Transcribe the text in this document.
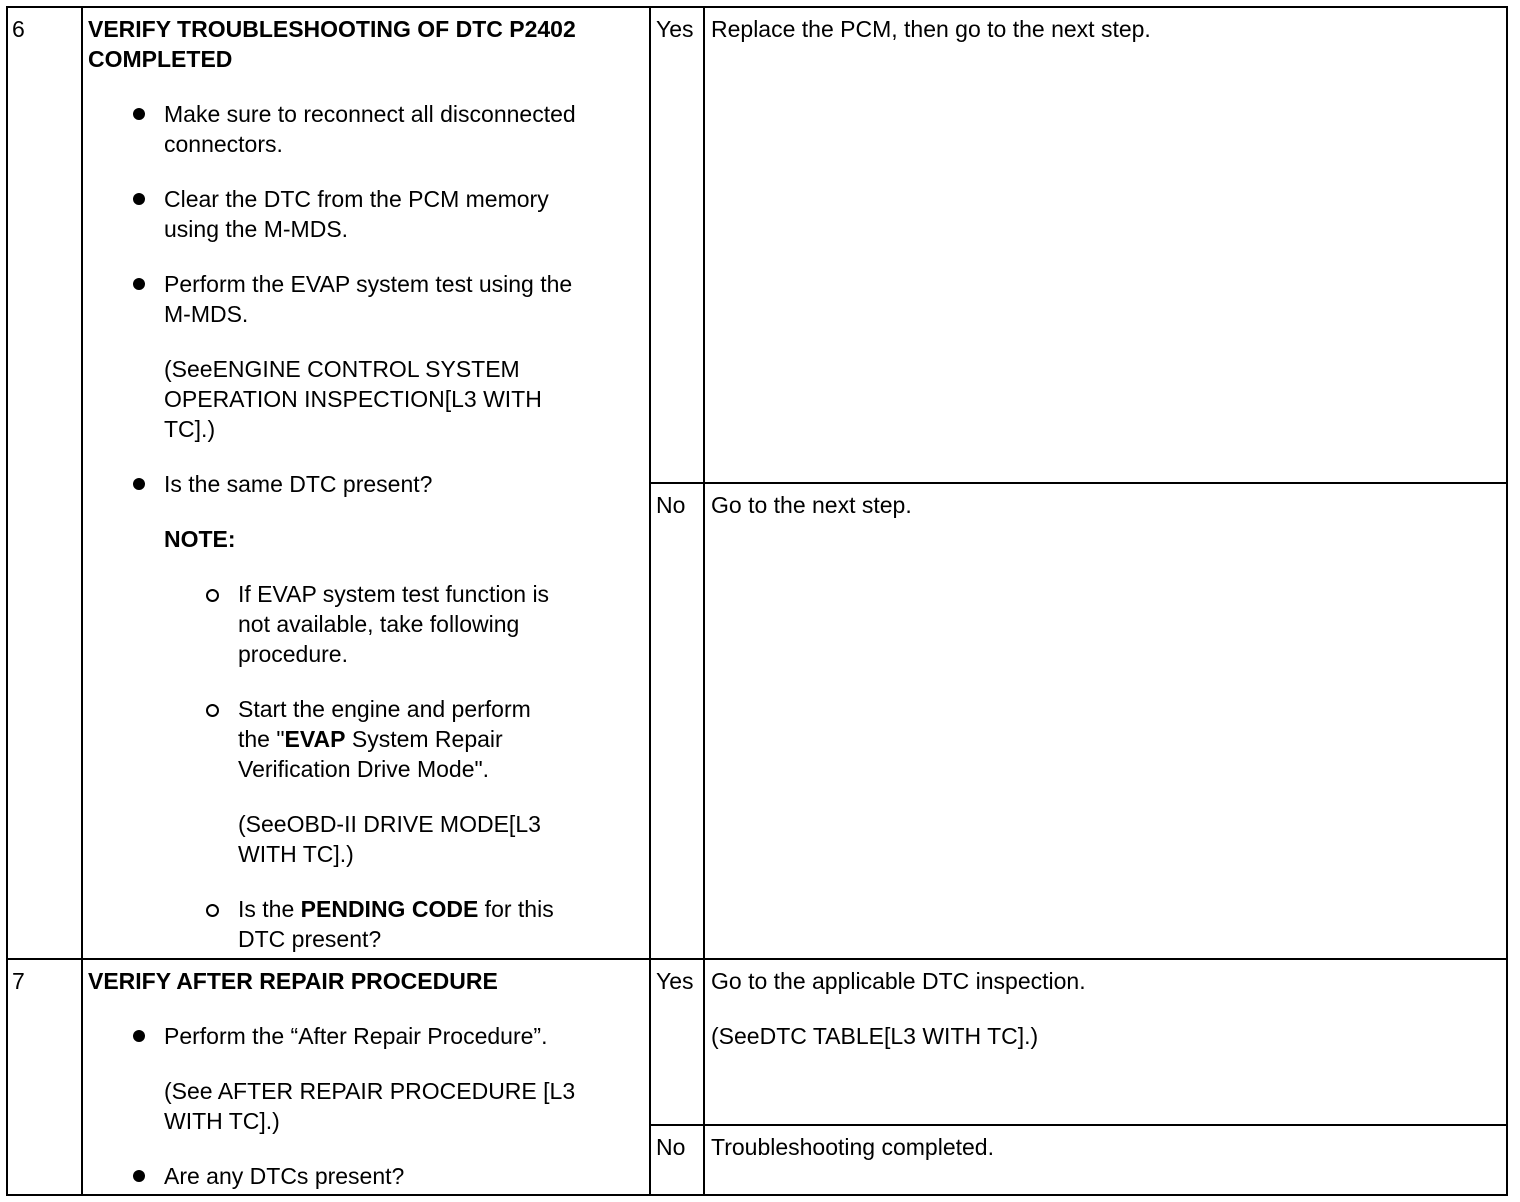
6	VERIFY TROUBLESHOOTING OF DTC P2402
COMPLETED
Make sure to reconnect all disconnected
connectors.
Clear the DTC from the PCM memory
using the M-MDS.
Perform the EVAP system test using the
M-MDS.
(SeeENGINE CONTROL SYSTEM
OPERATION INSPECTION[L3 WITH
TC].)
Is the same DTC present?
NOTE:
If EVAP system test function is
not available, take following
procedure.
Start the engine and perform
the "EVAP System Repair
Verification Drive Mode".
(SeeOBD-II DRIVE MODE[L3
WITH TC].)
Is the PENDING CODE for this
DTC present?
Yes Replace the PCM, then go to the next step.
No Go to the next step.
7	VERIFY AFTER REPAIR PROCEDURE
Perform the “After Repair Procedure”.
(See AFTER REPAIR PROCEDURE [L3
WITH TC].)
Are any DTCs present?
Yes Go to the applicable DTC inspection.
(SeeDTC TABLE[L3 WITH TC].)
No Troubleshooting completed.
